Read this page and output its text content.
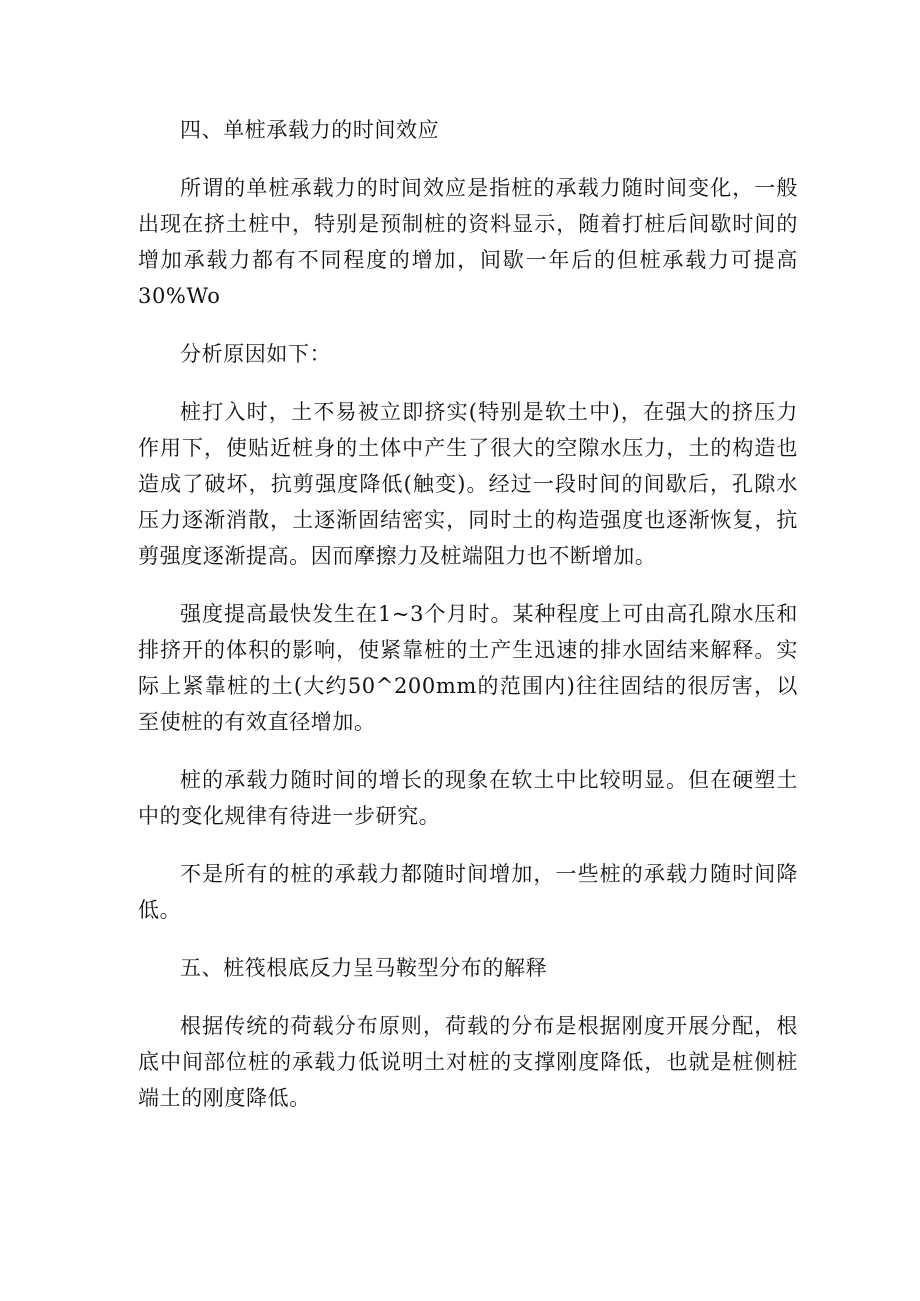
四、单桩承载力的时间效应

所谓的单桩承载力的时间效应是指桩的承载力随时间变化，一般出现在挤土桩中，特别是预制桩的资料显示，随着打桩后间歇时间的增加承载力都有不同程度的增加，间歇一年后的但桩承载力可提高30%Wo

分析原因如下：

桩打入时，土不易被立即挤实(特别是软土中)，在强大的挤压力作用下，使贴近桩身的土体中产生了很大的空隙水压力，土的构造也造成了破坏，抗剪强度降低(触变)。经过一段时间的间歇后，孔隙水压力逐渐消散，土逐渐固结密实，同时土的构造强度也逐渐恢复，抗剪强度逐渐提高。因而摩擦力及桩端阻力也不断增加。

强度提高最快发生在1~3个月时。某种程度上可由高孔隙水压和排挤开的体积的影响，使紧靠桩的土产生迅速的排水固结来解释。实际上紧靠桩的土(大约50^200mm的范围内)往往固结的很厉害，以至使桩的有效直径增加。

桩的承载力随时间的增长的现象在软土中比较明显。但在硬塑土中的变化规律有待进一步研究。

不是所有的桩的承载力都随时间增加，一些桩的承载力随时间降低。

五、桩筏根底反力呈马鞍型分布的解释

根据传统的荷载分布原则，荷载的分布是根据刚度开展分配，根底中间部位桩的承载力低说明土对桩的支撑刚度降低，也就是桩侧桩端土的刚度降低。
